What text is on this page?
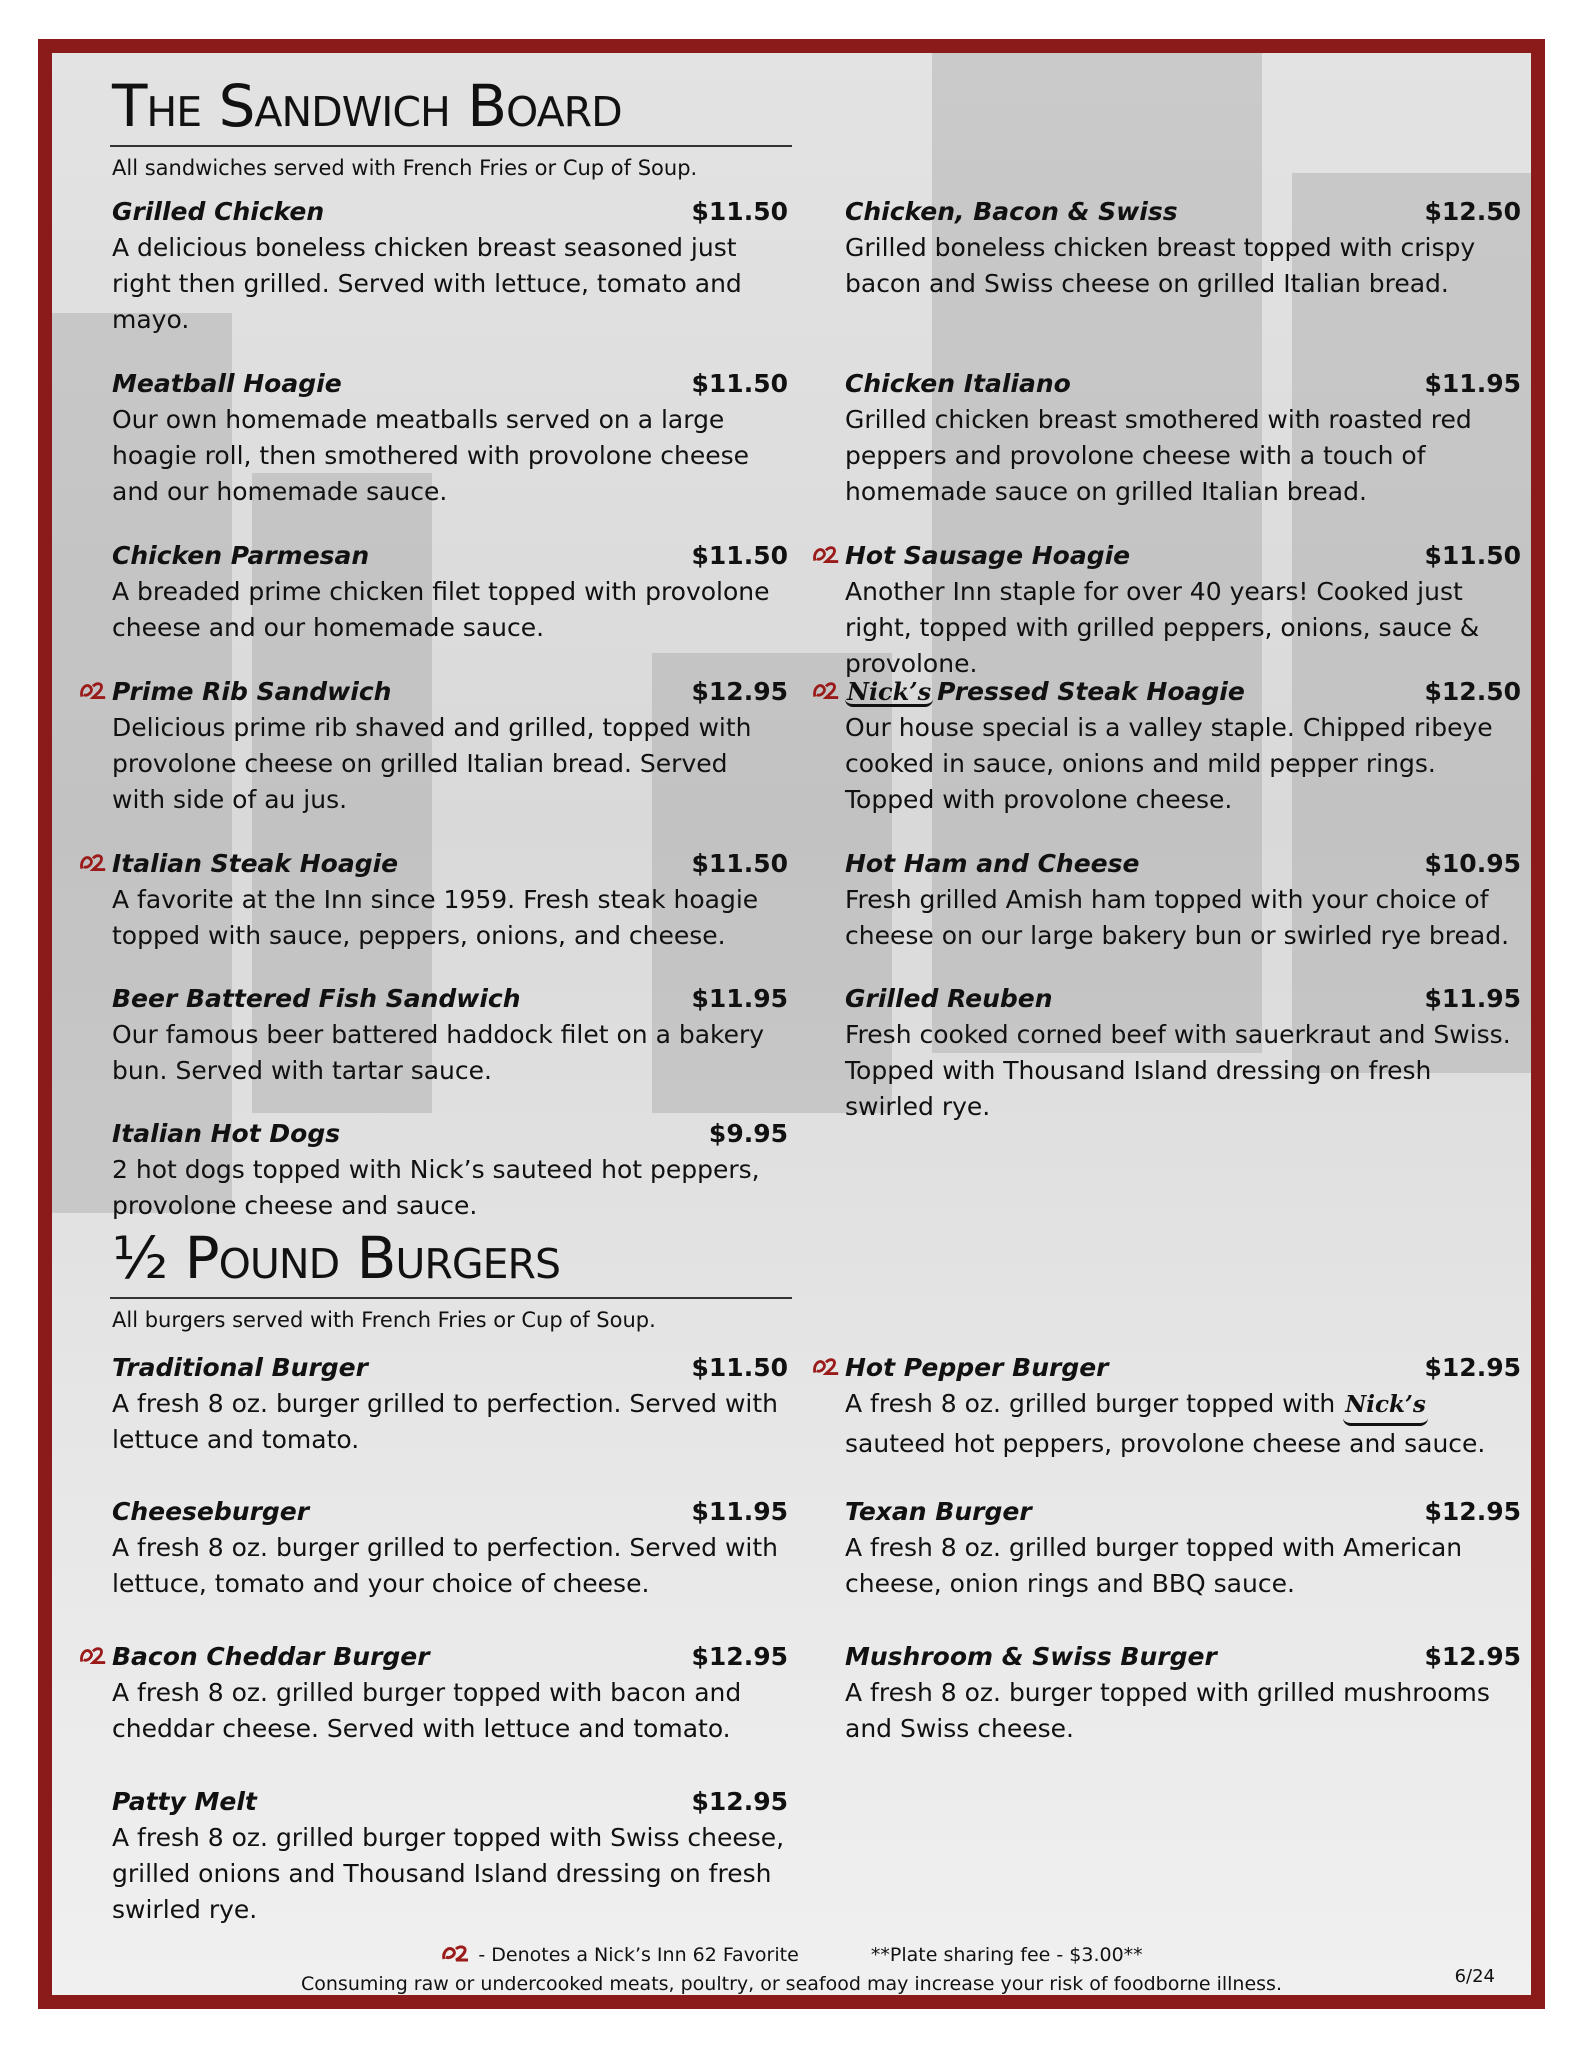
The Sandwich Board
All sandwiches served with French Fries or Cup of Soup.
½ Pound Burgers
All burgers served with French Fries or Cup of Soup.
- Denotes a Nick’s Inn 62 Favorite	**Plate sharing fee - $3.00**
Consuming raw or undercooked meats, poultry, or seafood may increase your risk of foodborne illness.	6/24
Grilled Chicken	$11.50
A delicious boneless chicken breast seasoned just right then grilled. Served with lettuce, tomato and mayo.
Meatball Hoagie	$11.50
Our own homemade meatballs served on a large hoagie roll, then smothered with provolone cheese and our homemade sauce.
Chicken Parmesan	$11.50
A breaded prime chicken filet topped with provolone cheese and our homemade sauce.
Prime Rib Sandwich	$12.95
Delicious prime rib shaved and grilled, topped with provolone cheese on grilled Italian bread. Served with side of au jus.
Italian Steak Hoagie	$11.50
A favorite at the Inn since 1959. Fresh steak hoagie topped with sauce, peppers, onions, and cheese.
Beer Battered Fish Sandwich	$11.95
Our famous beer battered haddock filet on a bakery bun. Served with tartar sauce.
Italian Hot Dogs	$9.95
2 hot dogs topped with Nick’s sauteed hot peppers, provolone cheese and sauce.
Chicken, Bacon & Swiss	$12.50
Grilled boneless chicken breast topped with crispy bacon and Swiss cheese on grilled Italian bread.
Chicken Italiano	$11.95
Grilled chicken breast smothered with roasted red peppers and provolone cheese with a touch of homemade sauce on grilled Italian bread.
Hot Sausage Hoagie	$11.50
Another Inn staple for over 40 years! Cooked just right, topped with grilled peppers, onions, sauce & provolone.
Nick’s Pressed Steak Hoagie	$12.50
Our house special is a valley staple. Chipped ribeye cooked in sauce, onions and mild pepper rings. Topped with provolone cheese.
Hot Ham and Cheese	$10.95
Fresh grilled Amish ham topped with your choice of cheese on our large bakery bun or swirled rye bread.
Grilled Reuben	$11.95
Fresh cooked corned beef with sauerkraut and Swiss. Topped with Thousand Island dressing on fresh swirled rye.
Traditional Burger	$11.50
A fresh 8 oz. burger grilled to perfection. Served with lettuce and tomato.
Cheeseburger	$11.95
A fresh 8 oz. burger grilled to perfection. Served with lettuce, tomato and your choice of cheese.
Bacon Cheddar Burger	$12.95
A fresh 8 oz. grilled burger topped with bacon and cheddar cheese. Served with lettuce and tomato.
Patty Melt	$12.95
A fresh 8 oz. grilled burger topped with Swiss cheese, grilled onions and Thousand Island dressing on fresh swirled rye.
Hot Pepper Burger	$12.95
A fresh 8 oz. grilled burger topped with Nick’s sauteed hot peppers, provolone cheese and sauce.
Texan Burger	$12.95
A fresh 8 oz. grilled burger topped with American cheese, onion rings and BBQ sauce.
Mushroom & Swiss Burger	$12.95
A fresh 8 oz. burger topped with grilled mushrooms and Swiss cheese.
